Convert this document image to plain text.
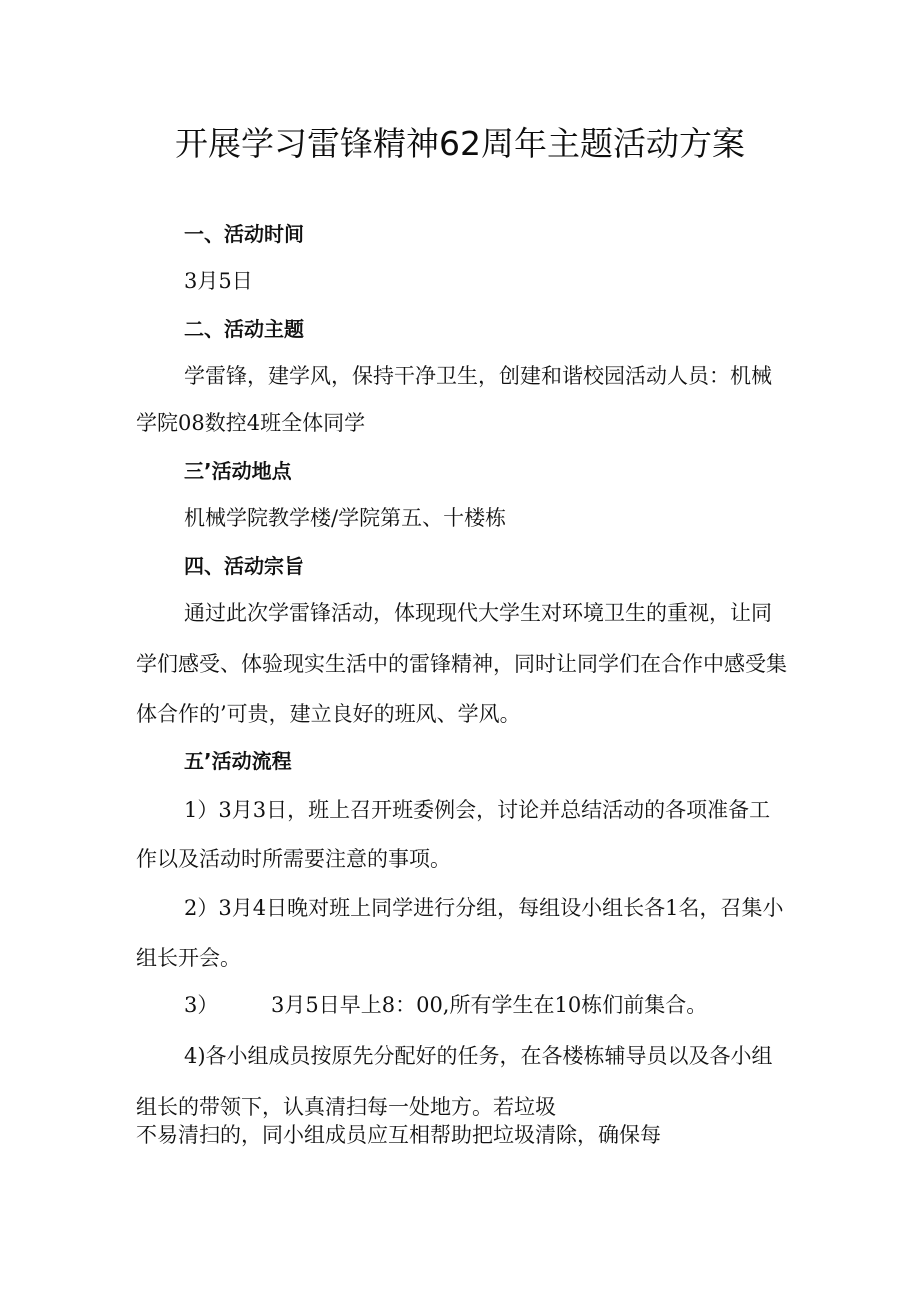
开展学习雷锋精神62周年主题活动方案
一、活动时间
3月5日
二、活动主题
学雷锋，建学风，保持干净卫生，创建和谐校园活动人员：机械
学院08数控4班全体同学
三’活动地点
机械学院教学楼/学院第五、十楼栋
四、活动宗旨
通过此次学雷锋活动，体现现代大学生对环境卫生的重视，让同
学们感受、体验现实生活中的雷锋精神，同时让同学们在合作中感受集
体合作的’可贵，建立良好的班风、学风。
五’活动流程
1）3月3日，班上召开班委例会，讨论并总结活动的各项准备工
作以及活动时所需要注意的事项。
2）3月4日晚对班上同学进行分组，每组设小组长各1名，召集小
组长开会。
3）	3月5日早上8：00,所有学生在10栋们前集合。
4)各小组成员按原先分配好的任务，在各楼栋辅导员以及各小组
组长的带领下，认真清扫每一处地方。若垃圾
不易清扫的，同小组成员应互相帮助把垃圾清除，确保每
